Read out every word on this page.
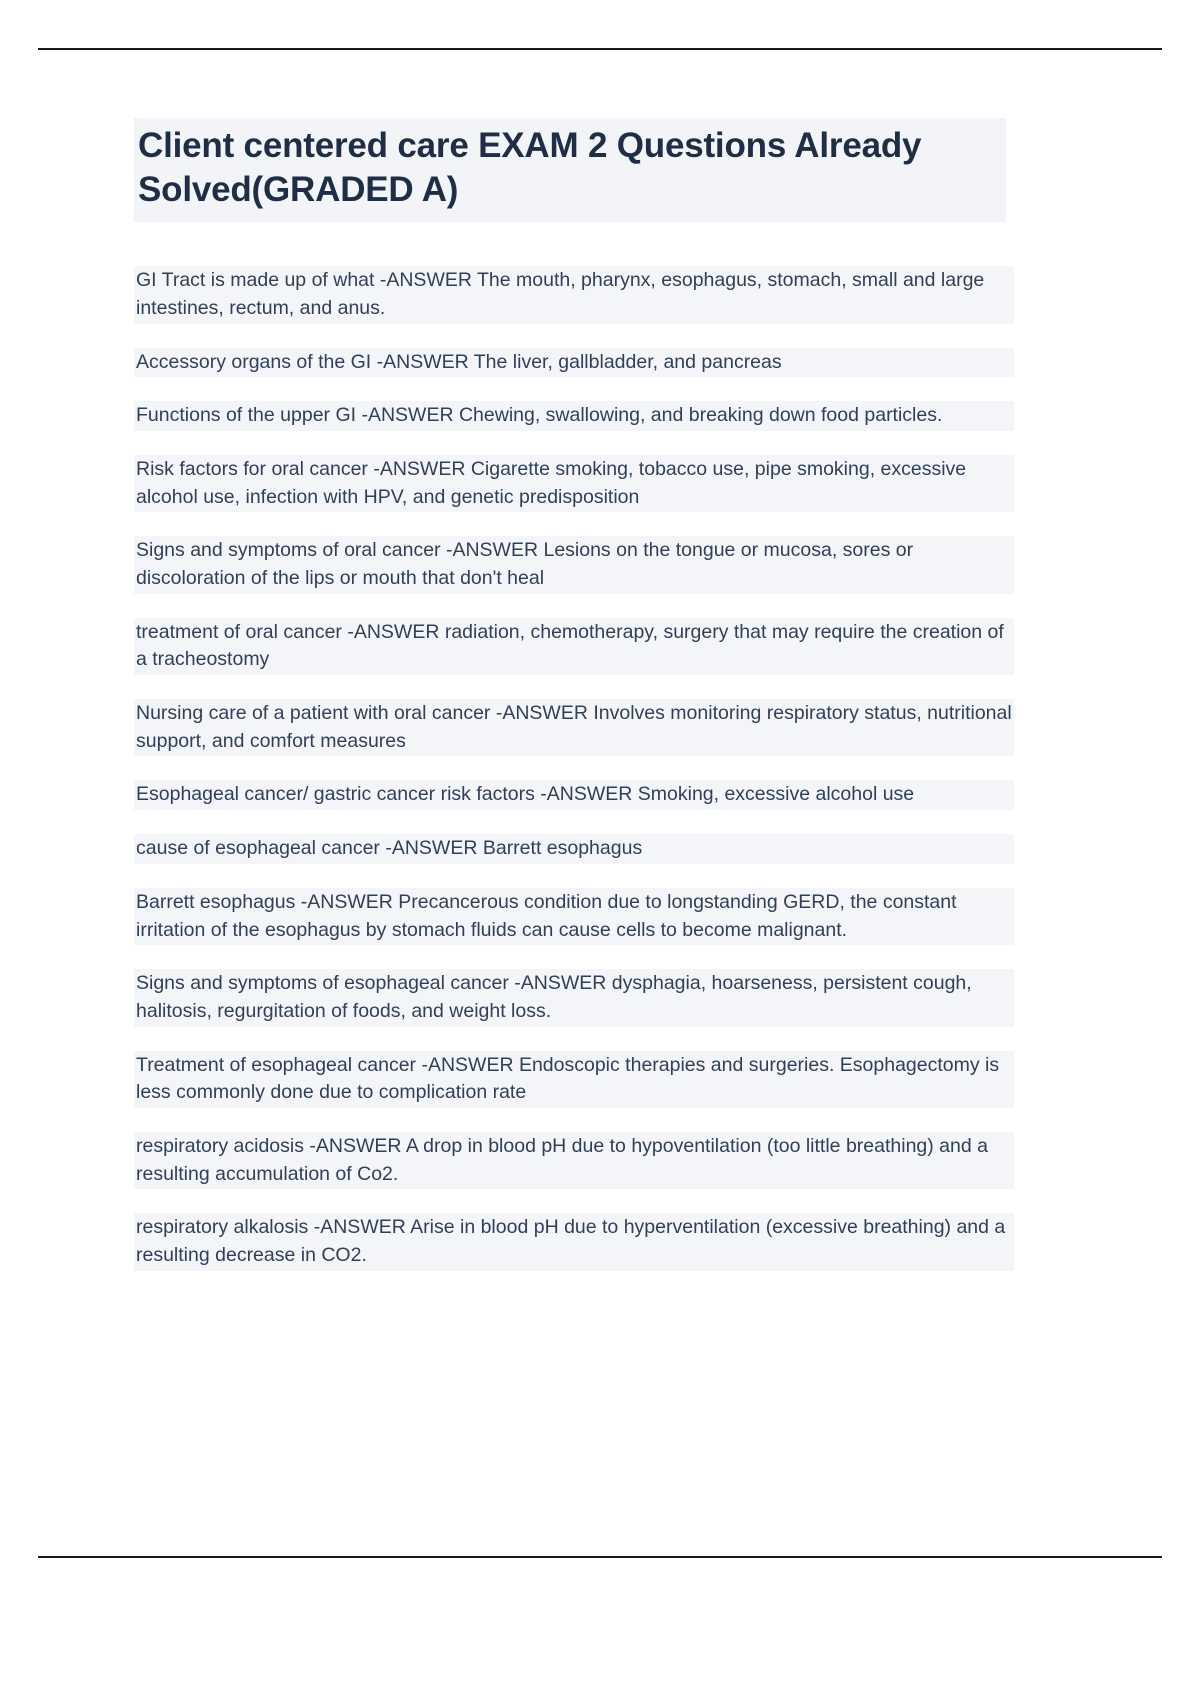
Client centered care EXAM 2 Questions Already Solved(GRADED A)

GI Tract is made up of what -ANSWER The mouth, pharynx, esophagus, stomach, small and large intestines, rectum, and anus.

Accessory organs of the GI -ANSWER The liver, gallbladder, and pancreas

Functions of the upper GI -ANSWER Chewing, swallowing, and breaking down food particles.

Risk factors for oral cancer -ANSWER Cigarette smoking, tobacco use, pipe smoking, excessive alcohol use, infection with HPV, and genetic predisposition

Signs and symptoms of oral cancer -ANSWER Lesions on the tongue or mucosa, sores or discoloration of the lips or mouth that don't heal

treatment of oral cancer -ANSWER radiation, chemotherapy, surgery that may require the creation of a tracheostomy

Nursing care of a patient with oral cancer -ANSWER Involves monitoring respiratory status, nutritional support, and comfort measures

Esophageal cancer/ gastric cancer risk factors -ANSWER Smoking, excessive alcohol use

cause of esophageal cancer -ANSWER Barrett esophagus

Barrett esophagus -ANSWER Precancerous condition due to longstanding GERD, the constant irritation of the esophagus by stomach fluids can cause cells to become malignant.

Signs and symptoms of esophageal cancer -ANSWER dysphagia, hoarseness, persistent cough, halitosis, regurgitation of foods, and weight loss.

Treatment of esophageal cancer -ANSWER Endoscopic therapies and surgeries. Esophagectomy is less commonly done due to complication rate

respiratory acidosis -ANSWER A drop in blood pH due to hypoventilation (too little breathing) and a resulting accumulation of Co2.

respiratory alkalosis -ANSWER Arise in blood pH due to hyperventilation (excessive breathing) and a resulting decrease in CO2.
